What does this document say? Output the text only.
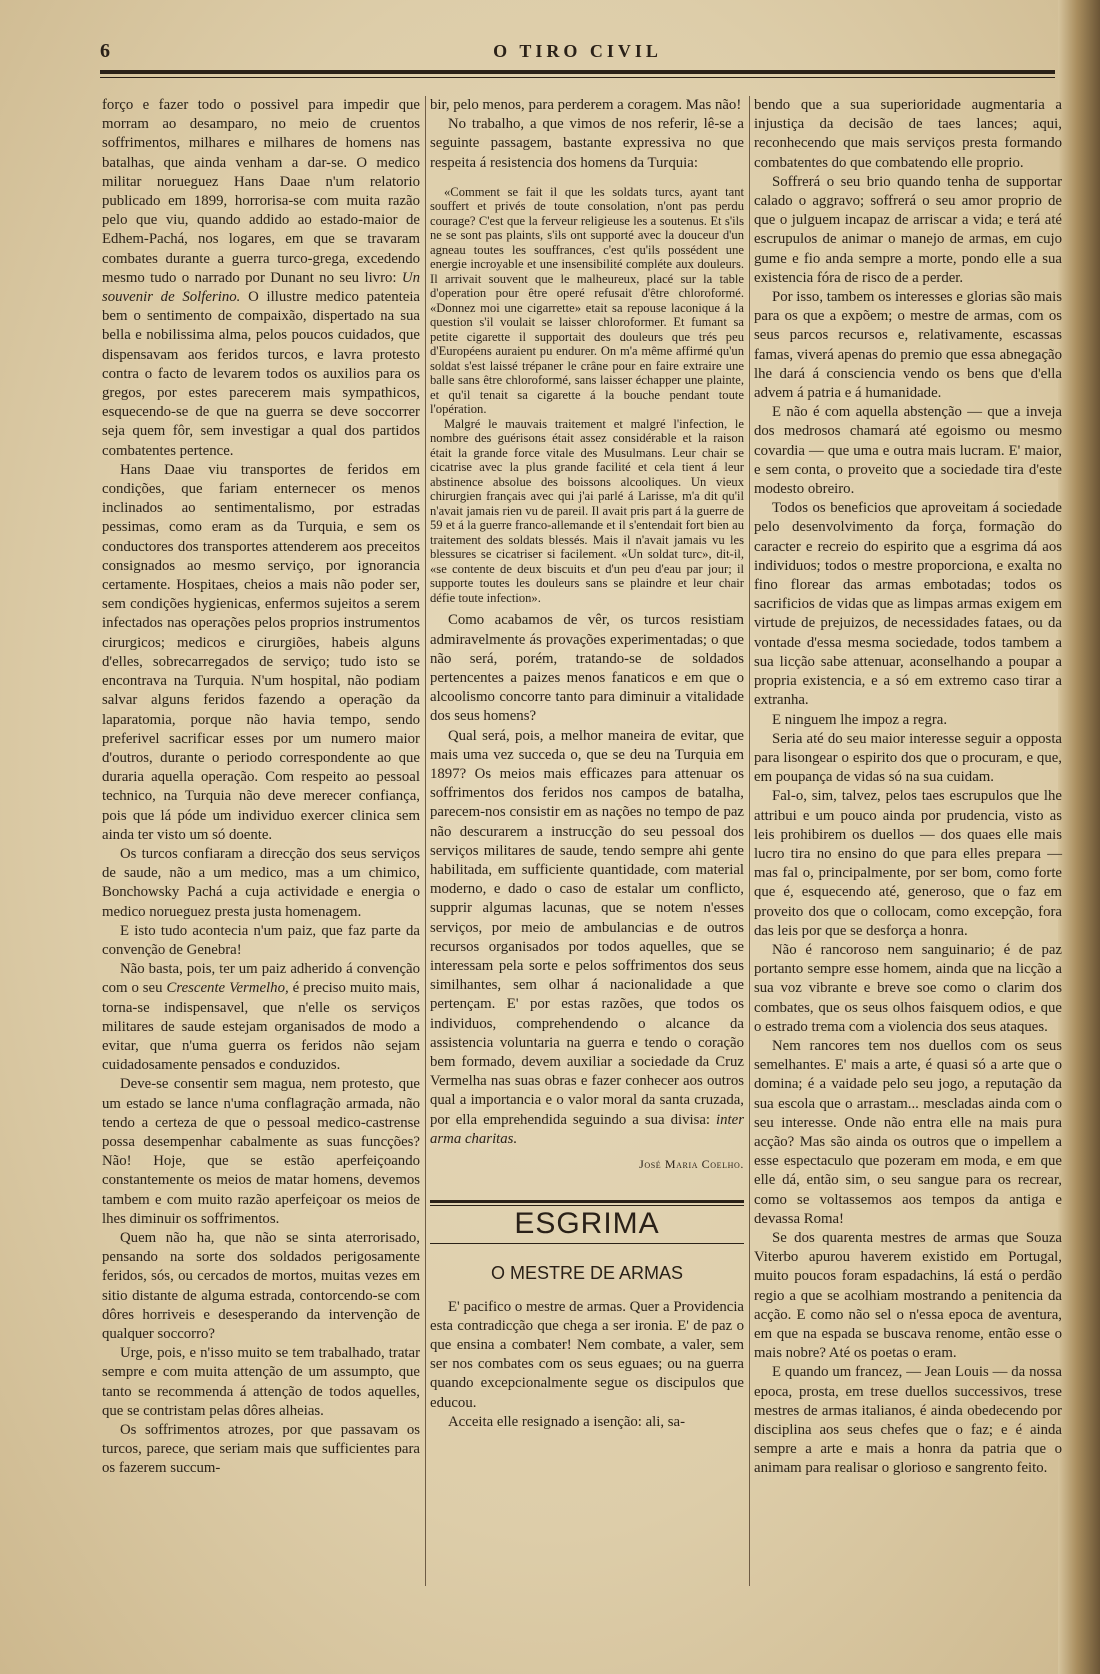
6	O TIRO CIVIL

forço e fazer todo o possivel para impedir que morram ao desamparo, no meio de cruentos soffrimentos, milhares e milhares de homens nas batalhas, que ainda venham a dar-se. O medico militar norueguez Hans Daae n'um relatorio publicado em 1899, horrorisa-se com muita razão pelo que viu, quando addido ao estado-maior de Edhem-Pachá, nos logares, em que se travaram combates durante a guerra turco-grega, excedendo mesmo tudo o narrado por Dunant no seu livro: Un souvenir de Solferino. O illustre medico patenteia bem o sentimento de compaixão, dispertado na sua bella e nobilissima alma, pelos poucos cuidados, que dispensavam aos feridos turcos, e lavra protesto contra o facto de levarem todos os auxilios para os gregos, por estes parecerem mais sympathicos, esquecendo-se de que na guerra se deve soccorrer seja quem fôr, sem investigar a qual dos partidos combatentes pertence.

Hans Daae viu transportes de feridos em condições, que fariam enternecer os menos inclinados ao sentimentalismo, por estradas pessimas, como eram as da Turquia, e sem os conductores dos transportes attenderem aos preceitos consignados ao mesmo serviço, por ignorancia certamente. Hospitaes, cheios a mais não poder ser, sem condições hygienicas, enfermos sujeitos a serem infectados nas operações pelos proprios instrumentos cirurgicos; medicos e cirurgiões, habeis alguns d'elles, sobrecarregados de serviço; tudo isto se encontrava na Turquia. N'um hospital, não podiam salvar alguns feridos fazendo a operação da laparatomia, porque não havia tempo, sendo preferivel sacrificar esses por um numero maior d'outros, durante o periodo correspondente ao que duraria aquella operação. Com respeito ao pessoal technico, na Turquia não deve merecer confiança, pois que lá póde um individuo exercer clinica sem ainda ter visto um só doente.

Os turcos confiaram a direcção dos seus serviços de saude, não a um medico, mas a um chimico, Bonchowsky Pachá a cuja actividade e energia o medico norueguez presta justa homenagem.

E isto tudo acontecia n'um paiz, que faz parte da convenção de Genebra!

Não basta, pois, ter um paiz adherido á convenção com o seu Crescente Vermelho, é preciso muito mais, torna-se indispensavel, que n'elle os serviços militares de saude estejam organisados de modo a evitar, que n'uma guerra os feridos não sejam cuidadosamente pensados e conduzidos.

Deve-se consentir sem magua, nem protesto, que um estado se lance n'uma conflagração armada, não tendo a certeza de que o pessoal medico-castrense possa desempenhar cabalmente as suas funcções? Não! Hoje, que se estão aperfeiçoando constantemente os meios de matar homens, devemos tambem e com muito razão aperfeiçoar os meios de lhes diminuir os soffrimentos.

Quem não ha, que não se sinta aterrorisado, pensando na sorte dos soldados perigosamente feridos, sós, ou cercados de mortos, muitas vezes em sitio distante de alguma estrada, contorcendo-se com dôres horriveis e desesperando da intervenção de qualquer soccorro?

Urge, pois, e n'isso muito se tem trabalhado, tratar sempre e com muita attenção de um assumpto, que tanto se recommenda á attenção de todos aquelles, que se contristam pelas dôres alheias.

Os soffrimentos atrozes, por que passavam os turcos, parece, que seriam mais que sufficientes para os fazerem succum-

bir, pelo menos, para perderem a coragem. Mas não!

No trabalho, a que vimos de nos referir, lê-se a seguinte passagem, bastante expressiva no que respeita á resistencia dos homens da Turquia:

«Comment se fait il que les soldats turcs, ayant tant souffert et privés de toute consolation, n'ont pas perdu courage? C'est que la ferveur religieuse les a soutenus. Et s'ils ne se sont pas plaints, s'ils ont supporté avec la douceur d'un agneau toutes les souffrances, c'est qu'ils possédent une energie incroyable et une insensibilité compléte aux douleurs. Il arrivait souvent que le malheureux, placé sur la table d'operation pour être operé refusait d'être chloroformé. «Donnez moi une cigarrette» etait sa repouse laconique á la question s'il voulait se laisser chloroformer. Et fumant sa petite cigarette il supportait des douleurs que trés peu d'Européens auraient pu endurer. On m'a même affirmé qu'un soldat s'est laissé trépaner le crâne pour en faire extraire une balle sans être chloroformé, sans laisser échapper une plainte, et qu'il tenait sa cigarette á la bouche pendant toute l'opération.

Malgré le mauvais traitement et malgré l'infection, le nombre des guérisons était assez considérable et la raison était la grande force vitale des Musulmans. Leur chair se cicatrise avec la plus grande facilité et cela tient á leur abstinence absolue des boissons alcooliques. Un vieux chirurgien français avec qui j'ai parlé á Larisse, m'a dit qu'il n'avait jamais rien vu de pareil. Il avait pris part á la guerre de 59 et á la guerre franco-allemande et il s'entendait fort bien au traitement des soldats blessés. Mais il n'avait jamais vu les blessures se cicatriser si facilement. «Un soldat turc», dit-il, «se contente de deux biscuits et d'un peu d'eau par jour; il supporte toutes les douleurs sans se plaindre et leur chair défie toute infection».

Como acabamos de vêr, os turcos resistiam admiravelmente ás provações experimentadas; o que não será, porém, tratando-se de soldados pertencentes a paizes menos fanaticos e em que o alcoolismo concorre tanto para diminuir a vitalidade dos seus homens?

Qual será, pois, a melhor maneira de evitar, que mais uma vez succeda o, que se deu na Turquia em 1897? Os meios mais efficazes para attenuar os soffrimentos dos feridos nos campos de batalha, parecem-nos consistir em as nações no tempo de paz não descurarem a instrucção do seu pessoal dos serviços militares de saude, tendo sempre ahi gente habilitada, em sufficiente quantidade, com material moderno, e dado o caso de estalar um conflicto, supprir algumas lacunas, que se notem n'esses serviços, por meio de ambulancias e de outros recursos organisados por todos aquelles, que se interessam pela sorte e pelos soffrimentos dos seus similhantes, sem olhar á nacionalidade a que pertençam. E' por estas razões, que todos os individuos, comprehendendo o alcance da assistencia voluntaria na guerra e tendo o coração bem formado, devem auxiliar a sociedade da Cruz Vermelha nas suas obras e fazer conhecer aos outros qual a importancia e o valor moral da santa cruzada, por ella emprehendida seguindo a sua divisa: inter arma charitas.

José Maria Coelho.
ESGRIMA
O MESTRE DE ARMAS

E' pacifico o mestre de armas. Quer a Providencia esta contradicção que chega a ser ironia. E' de paz o que ensina a combater! Nem combate, a valer, sem ser nos combates com os seus eguaes; ou na guerra quando excepcionalmente segue os discipulos que educou.

Acceita elle resignado a isenção: ali, sa-

bendo que a sua superioridade augmentaria a injustiça da decisão de taes lances; aqui, reconhecendo que mais serviços presta formando combatentes do que combatendo elle proprio.

Soffrerá o seu brio quando tenha de supportar calado o aggravo; soffrerá o seu amor proprio de que o julguem incapaz de arriscar a vida; e terá até escrupulos de animar o manejo de armas, em cujo gume e fio anda sempre a morte, pondo elle a sua existencia fóra de risco de a perder.

Por isso, tambem os interesses e glorias são mais para os que a expõem; o mestre de armas, com os seus parcos recursos e, relativamente, escassas famas, viverá apenas do premio que essa abnegação lhe dará á consciencia vendo os bens que d'ella advem á patria e á humanidade.

E não é com aquella abstenção — que a inveja dos medrosos chamará até egoismo ou mesmo covardia — que uma e outra mais lucram. E' maior, e sem conta, o proveito que a sociedade tira d'este modesto obreiro.

Todos os beneficios que aproveitam á sociedade pelo desenvolvimento da força, formação do caracter e recreio do espirito que a esgrima dá aos individuos; todos o mestre proporciona, e exalta no fino florear das armas embotadas; todos os sacrificios de vidas que as limpas armas exigem em virtude de prejuizos, de necessidades fataes, ou da vontade d'essa mesma sociedade, todos tambem a sua licção sabe attenuar, aconselhando a poupar a propria existencia, e a só em extremo caso tirar a extranha.

E ninguem lhe impoz a regra.

Seria até do seu maior interesse seguir a opposta para lisongear o espirito dos que o procuram, e que, em poupança de vidas só na sua cuidam.

Fal-o, sim, talvez, pelos taes escrupulos que lhe attribui e um pouco ainda por prudencia, visto as leis prohibirem os duellos — dos quaes elle mais lucro tira no ensino do que para elles prepara — mas fal o, principalmente, por ser bom, como forte que é, esquecendo até, generoso, que o faz em proveito dos que o collocam, como excepção, fora das leis por que se desforça a honra.

Não é rancoroso nem sanguinario; é de paz portanto sempre esse homem, ainda que na licção a sua voz vibrante e breve soe como o clarim dos combates, que os seus olhos faisquem odios, e que o estrado trema com a violencia dos seus ataques.

Nem rancores tem nos duellos com os seus semelhantes. E' mais a arte, é quasi só a arte que o domina; é a vaidade pelo seu jogo, a reputação da sua escola que o arrastam... mescladas ainda com o seu interesse. Onde não entra elle na mais pura acção? Mas são ainda os outros que o impellem a esse espectaculo que pozeram em moda, e em que elle dá, então sim, o seu sangue para os recrear, como se voltassemos aos tempos da antiga e devassa Roma!

Se dos quarenta mestres de armas que Souza Viterbo apurou haverem existido em Portugal, muito poucos foram espadachins, lá está o perdão regio a que se acolhiam mostrando a penitencia da acção. E como não sel o n'essa epoca de aventura, em que na espada se buscava renome, então esse o mais nobre? Até os poetas o eram.

E quando um francez, — Jean Louis — da nossa epoca, prosta, em trese duellos successivos, trese mestres de armas italianos, é ainda obedecendo por disciplina aos seus chefes que o faz; e é ainda sempre a arte e mais a honra da patria que o animam para realisar o glorioso e sangrento feito.
